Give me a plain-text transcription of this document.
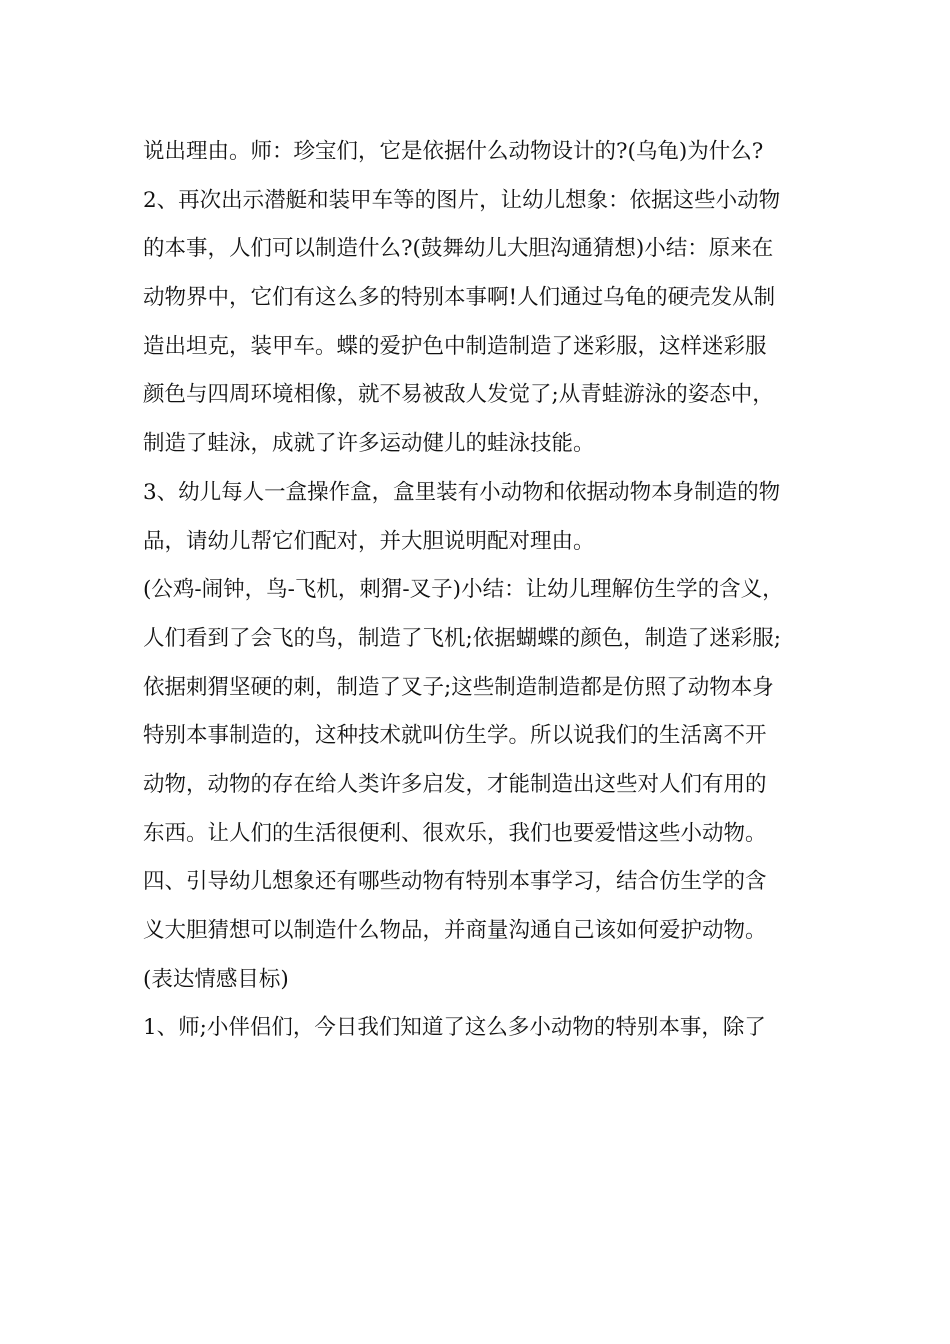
说出理由。师：珍宝们，它是依据什么动物设计的?(乌龟)为什么?

2、再次出示潜艇和装甲车等的图片，让幼儿想象：依据这些小动物

的本事，人们可以制造什么?(鼓舞幼儿大胆沟通猜想)小结：原来在

动物界中，它们有这么多的特别本事啊!人们通过乌龟的硬壳发从制

造出坦克，装甲车。蝶的爱护色中制造制造了迷彩服，这样迷彩服

颜色与四周环境相像，就不易被敌人发觉了;从青蛙游泳的姿态中，

制造了蛙泳，成就了许多运动健儿的蛙泳技能。

3、幼儿每人一盒操作盒，盒里装有小动物和依据动物本身制造的物

品，请幼儿帮它们配对，并大胆说明配对理由。

(公鸡-闹钟，鸟-飞机，刺猬-叉子)小结：让幼儿理解仿生学的含义，

人们看到了会飞的鸟，制造了飞机;依据蝴蝶的颜色，制造了迷彩服;

依据刺猬坚硬的刺，制造了叉子;这些制造制造都是仿照了动物本身

特别本事制造的，这种技术就叫仿生学。所以说我们的生活离不开

动物，动物的存在给人类许多启发，才能制造出这些对人们有用的

东西。让人们的生活很便利、很欢乐，我们也要爱惜这些小动物。

四、引导幼儿想象还有哪些动物有特别本事学习，结合仿生学的含

义大胆猜想可以制造什么物品，并商量沟通自己该如何爱护动物。

(表达情感目标)

1、师;小伴侣们，今日我们知道了这么多小动物的特别本事，除了
